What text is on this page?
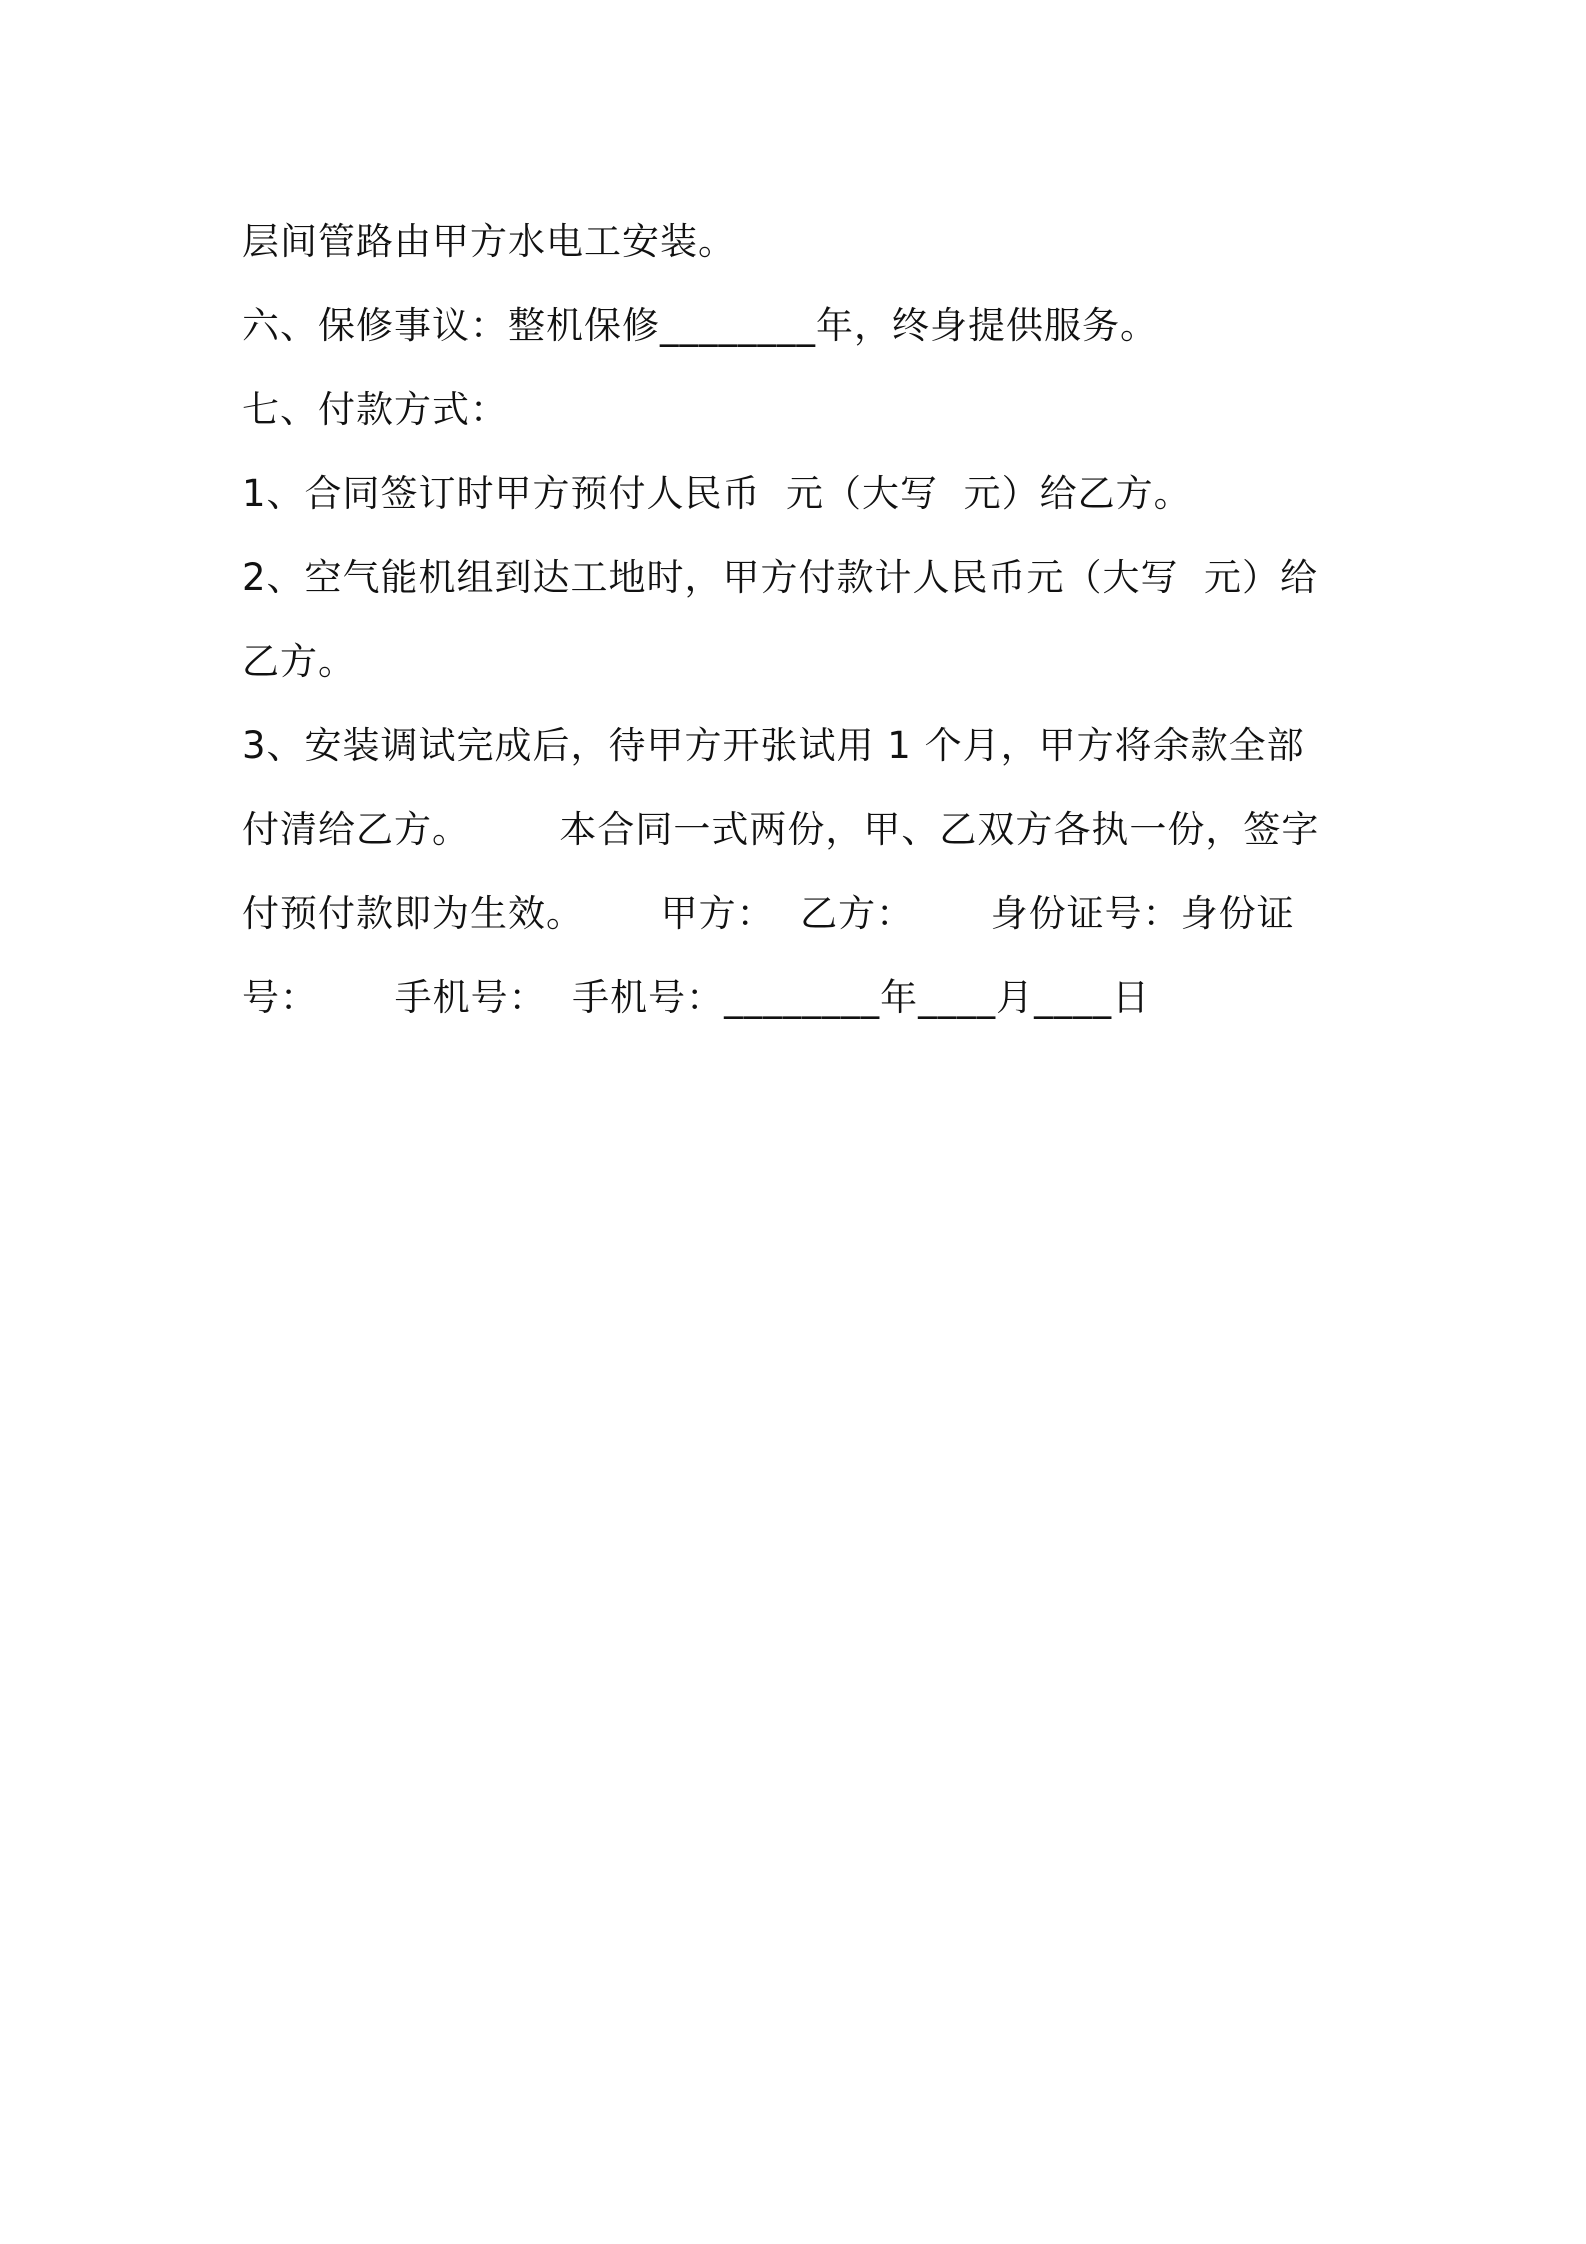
层间管路由甲方水电工安装。
六、保修事议：整机保修________年，终身提供服务。
七、付款方式：
1、合同签订时甲方预付人民币  元（大写  元）给乙方。
2、空气能机组到达工地时，甲方付款计人民币元（大写  元）给
乙方。
3、安装调试完成后，待甲方开张试用 1 个月，甲方将余款全部
付清给乙方。       本合同一式两份，甲、乙双方各执一份，签字
付预付款即为生效。      甲方：  乙方：      身份证号：身份证
号：      手机号：  手机号：________年____月____日
